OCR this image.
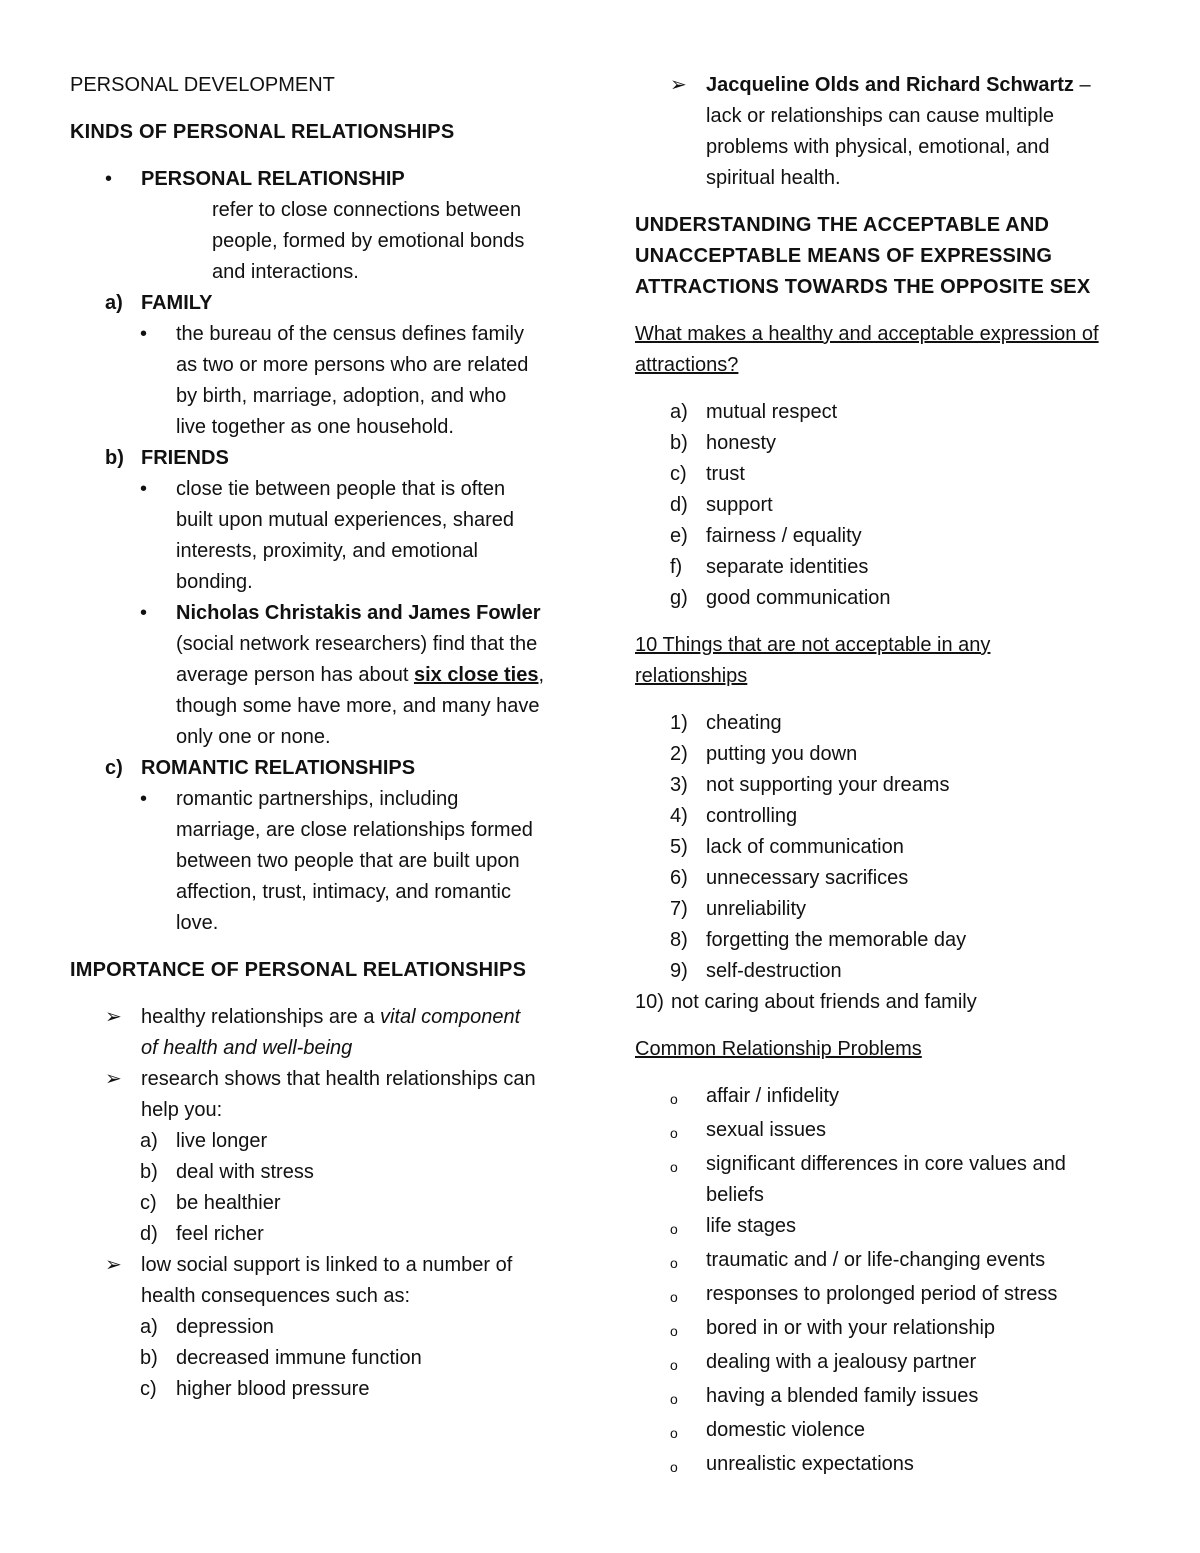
PERSONAL DEVELOPMENT

KINDS OF PERSONAL RELATIONSHIPS

•	PERSONAL RELATIONSHIP
refer to close connections between
people, formed by emotional bonds
and interactions.
a) FAMILY
•	the bureau of the census defines family
as two or more persons who are related
by birth, marriage, adoption, and who
live together as one household.
b) FRIENDS
•	close tie between people that is often
built upon mutual experiences, shared
interests, proximity, and emotional
bonding.
•	Nicholas Christakis and James Fowler
(social network researchers) find that the
average person has about six close ties,
though some have more, and many have
only one or none.
c) ROMANTIC RELATIONSHIPS
•	romantic partnerships, including
marriage, are close relationships formed
between two people that are built upon
affection, trust, intimacy, and romantic
love.

IMPORTANCE OF PERSONAL RELATIONSHIPS

➢ healthy relationships are a vital component
of health and well-being
➢ research shows that health relationships can
help you:
a) live longer
b) deal with stress
c) be healthier
d) feel richer
➢ low social support is linked to a number of
health consequences such as:
a) depression
b) decreased immune function
c) higher blood pressure
➢ Jacqueline Olds and Richard Schwartz –
lack or relationships can cause multiple
problems with physical, emotional, and
spiritual health.
UNDERSTANDING THE ACCEPTABLE AND
UNACCEPTABLE MEANS OF EXPRESSING
ATTRACTIONS TOWARDS THE OPPOSITE SEX
What makes a healthy and acceptable expression of
attractions?
a) mutual respect
b) honesty
c) trust
d) support
e) fairness / equality
f)	separate identities
g) good communication
10 Things that are not acceptable in any
relationships
1) cheating
2) putting you down
3) not supporting your dreams
4) controlling
5) lack of communication
6) unnecessary sacrifices
7) unreliability
8) forgetting the memorable day
9) self-destruction
10) not caring about friends and family
Common Relationship Problems
o	affair / infidelity
o	sexual issues
o	significant differences in core values and
beliefs
o	life stages
o	traumatic and / or life-changing events
o	responses to prolonged period of stress
o	bored in or with your relationship
o	dealing with a jealousy partner
o	having a blended family issues
o	domestic violence
o	unrealistic expectations
